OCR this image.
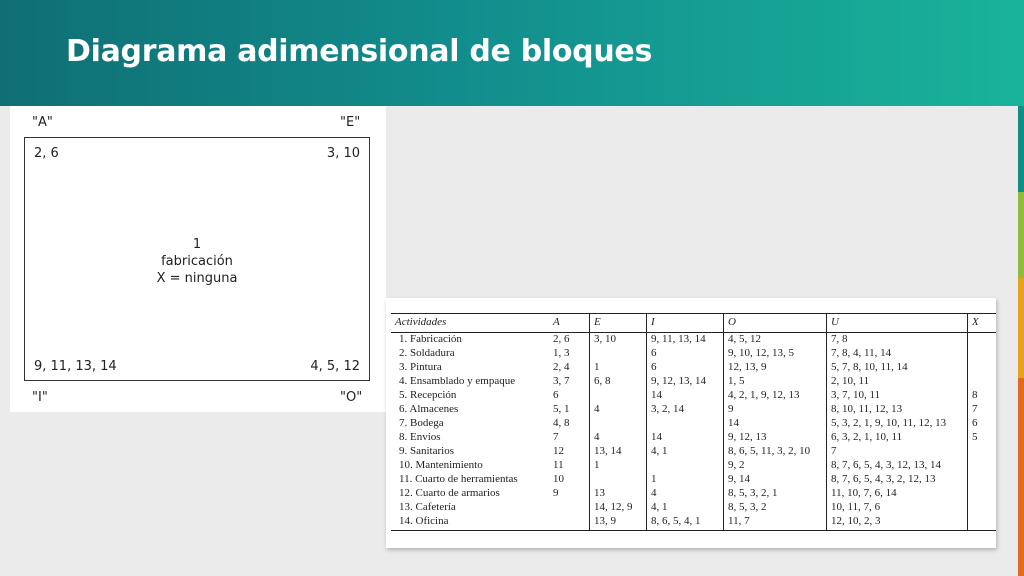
Diagrama adimensional de bloques
"A"	"E"
2, 6	3, 10
1
fabricación
X = ninguna
9, 11, 13, 14	4, 5, 12
"I"	"O"
Actividades	A	E	I	O	U	X
1. Fabricación	2, 6	3, 10	9, 11, 13, 14	4, 5, 12	7, 8	
2. Soldadura	1, 3		6	9, 10, 12, 13, 5	7, 8, 4, 11, 14	
3. Pintura	2, 4	1	6	12, 13, 9	5, 7, 8, 10, 11, 14	
4. Ensamblado y empaque	3, 7	6, 8	9, 12, 13, 14	1, 5	2, 10, 11	
5. Recepción	6		14	4, 2, 1, 9, 12, 13	3, 7, 10, 11	8
6. Almacenes	5, 1	4	3, 2, 14	9	8, 10, 11, 12, 13	7
7. Bodega	4, 8			14	5, 3, 2, 1, 9, 10, 11, 12, 13	6
8. Envíos	7	4	14	9, 12, 13	6, 3, 2, 1, 10, 11	5
9. Sanitarios	12	13, 14	4, 1	8, 6, 5, 11, 3, 2, 10	7	
10. Mantenimiento	11	1		9, 2	8, 7, 6, 5, 4, 3, 12, 13, 14	
11. Cuarto de herramientas	10		1	9, 14	8, 7, 6, 5, 4, 3, 2, 12, 13	
12. Cuarto de armarios	9	13	4	8, 5, 3, 2, 1	11, 10, 7, 6, 14	
13. Cafetería		14, 12, 9	4, 1	8, 5, 3, 2	10, 11, 7, 6	
14. Oficina		13, 9	8, 6, 5, 4, 1	11, 7	12, 10, 2, 3	
